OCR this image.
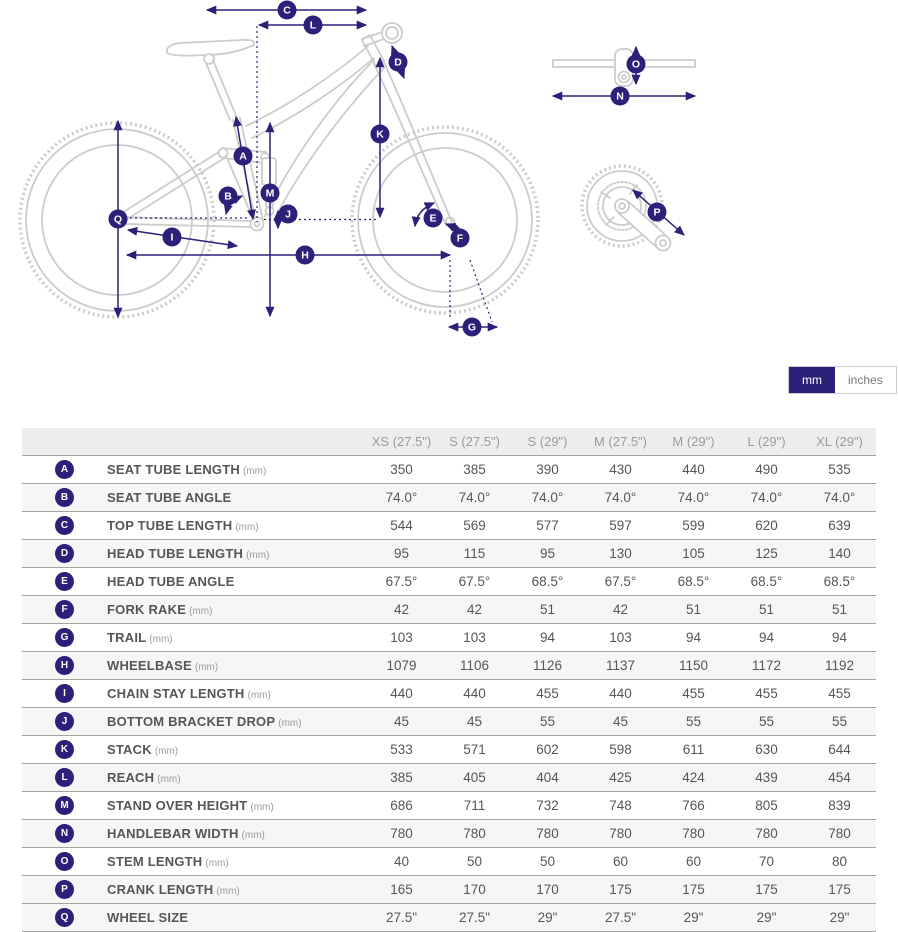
A
B
C
D
E
F
G
H
I
J
K
L
M
N
O
P
Q
mm	inches
		XS (27.5")	S (27.5")	S (29")	M (27.5")	M (29")	L (29")	XL (29")
A	SEAT TUBE LENGTH (mm)	350	385	390	430	440	490	535
B	SEAT TUBE ANGLE	74.0°	74.0°	74.0°	74.0°	74.0°	74.0°	74.0°
C	TOP TUBE LENGTH (mm)	544	569	577	597	599	620	639
D	HEAD TUBE LENGTH (mm)	95	115	95	130	105	125	140
E	HEAD TUBE ANGLE	67.5°	67.5°	68.5°	67.5°	68.5°	68.5°	68.5°
F	FORK RAKE (mm)	42	42	51	42	51	51	51
G	TRAIL (mm)	103	103	94	103	94	94	94
H	WHEELBASE (mm)	1079	1106	1126	1137	1150	1172	1192
I	CHAIN STAY LENGTH (mm)	440	440	455	440	455	455	455
J	BOTTOM BRACKET DROP (mm)	45	45	55	45	55	55	55
K	STACK (mm)	533	571	602	598	611	630	644
L	REACH (mm)	385	405	404	425	424	439	454
M	STAND OVER HEIGHT (mm)	686	711	732	748	766	805	839
N	HANDLEBAR WIDTH (mm)	780	780	780	780	780	780	780
O	STEM LENGTH (mm)	40	50	50	60	60	70	80
P	CRANK LENGTH (mm)	165	170	170	175	175	175	175
Q	WHEEL SIZE	27.5"	27.5"	29"	27.5"	29"	29"	29"
